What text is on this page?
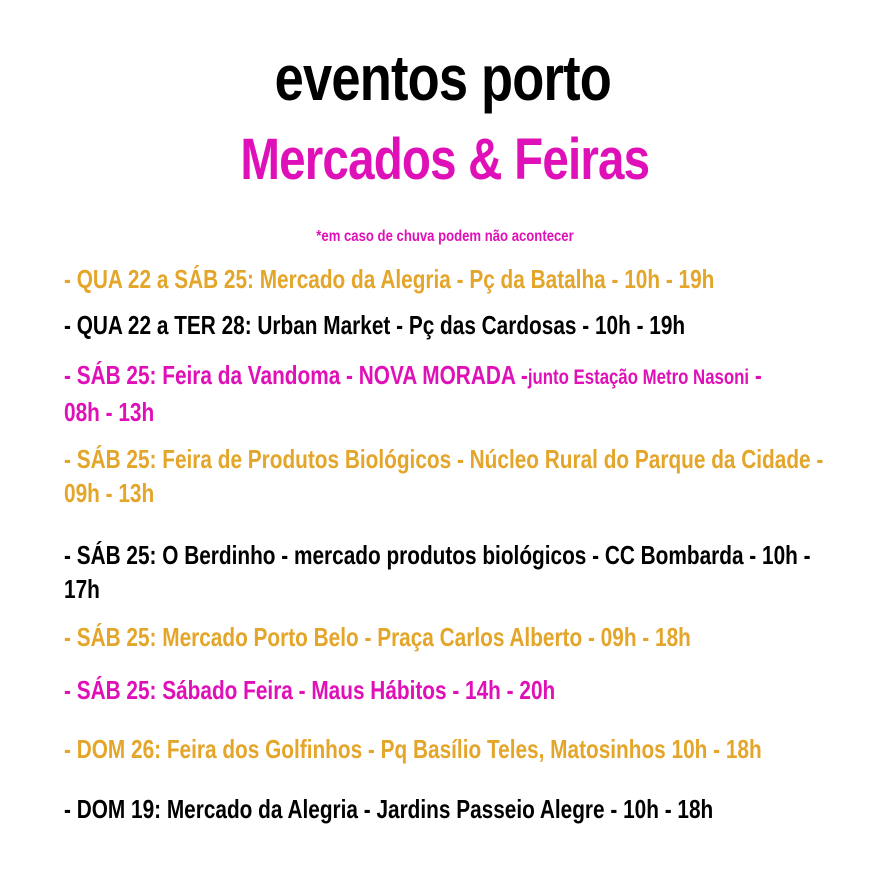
eventos porto
Mercados & Feiras
*em caso de chuva podem não acontecer
- QUA 22 a SÁB 25: Mercado da Alegria - Pç da Batalha - 10h - 19h
- QUA 22 a TER 28: Urban Market - Pç das Cardosas - 10h - 19h
- SÁB 25: Feira da Vandoma - NOVA MORADA -junto Estação Metro Nasoni -
08h - 13h
- SÁB 25: Feira de Produtos Biológicos - Núcleo Rural do Parque da Cidade -
09h - 13h
- SÁB 25: O Berdinho - mercado produtos biológicos - CC Bombarda - 10h -
17h
- SÁB 25: Mercado Porto Belo - Praça Carlos Alberto - 09h - 18h
- SÁB 25: Sábado Feira - Maus Hábitos - 14h - 20h
- DOM 26: Feira dos Golfinhos - Pq Basílio Teles, Matosinhos 10h - 18h
- DOM 19: Mercado da Alegria - Jardins Passeio Alegre - 10h - 18h
